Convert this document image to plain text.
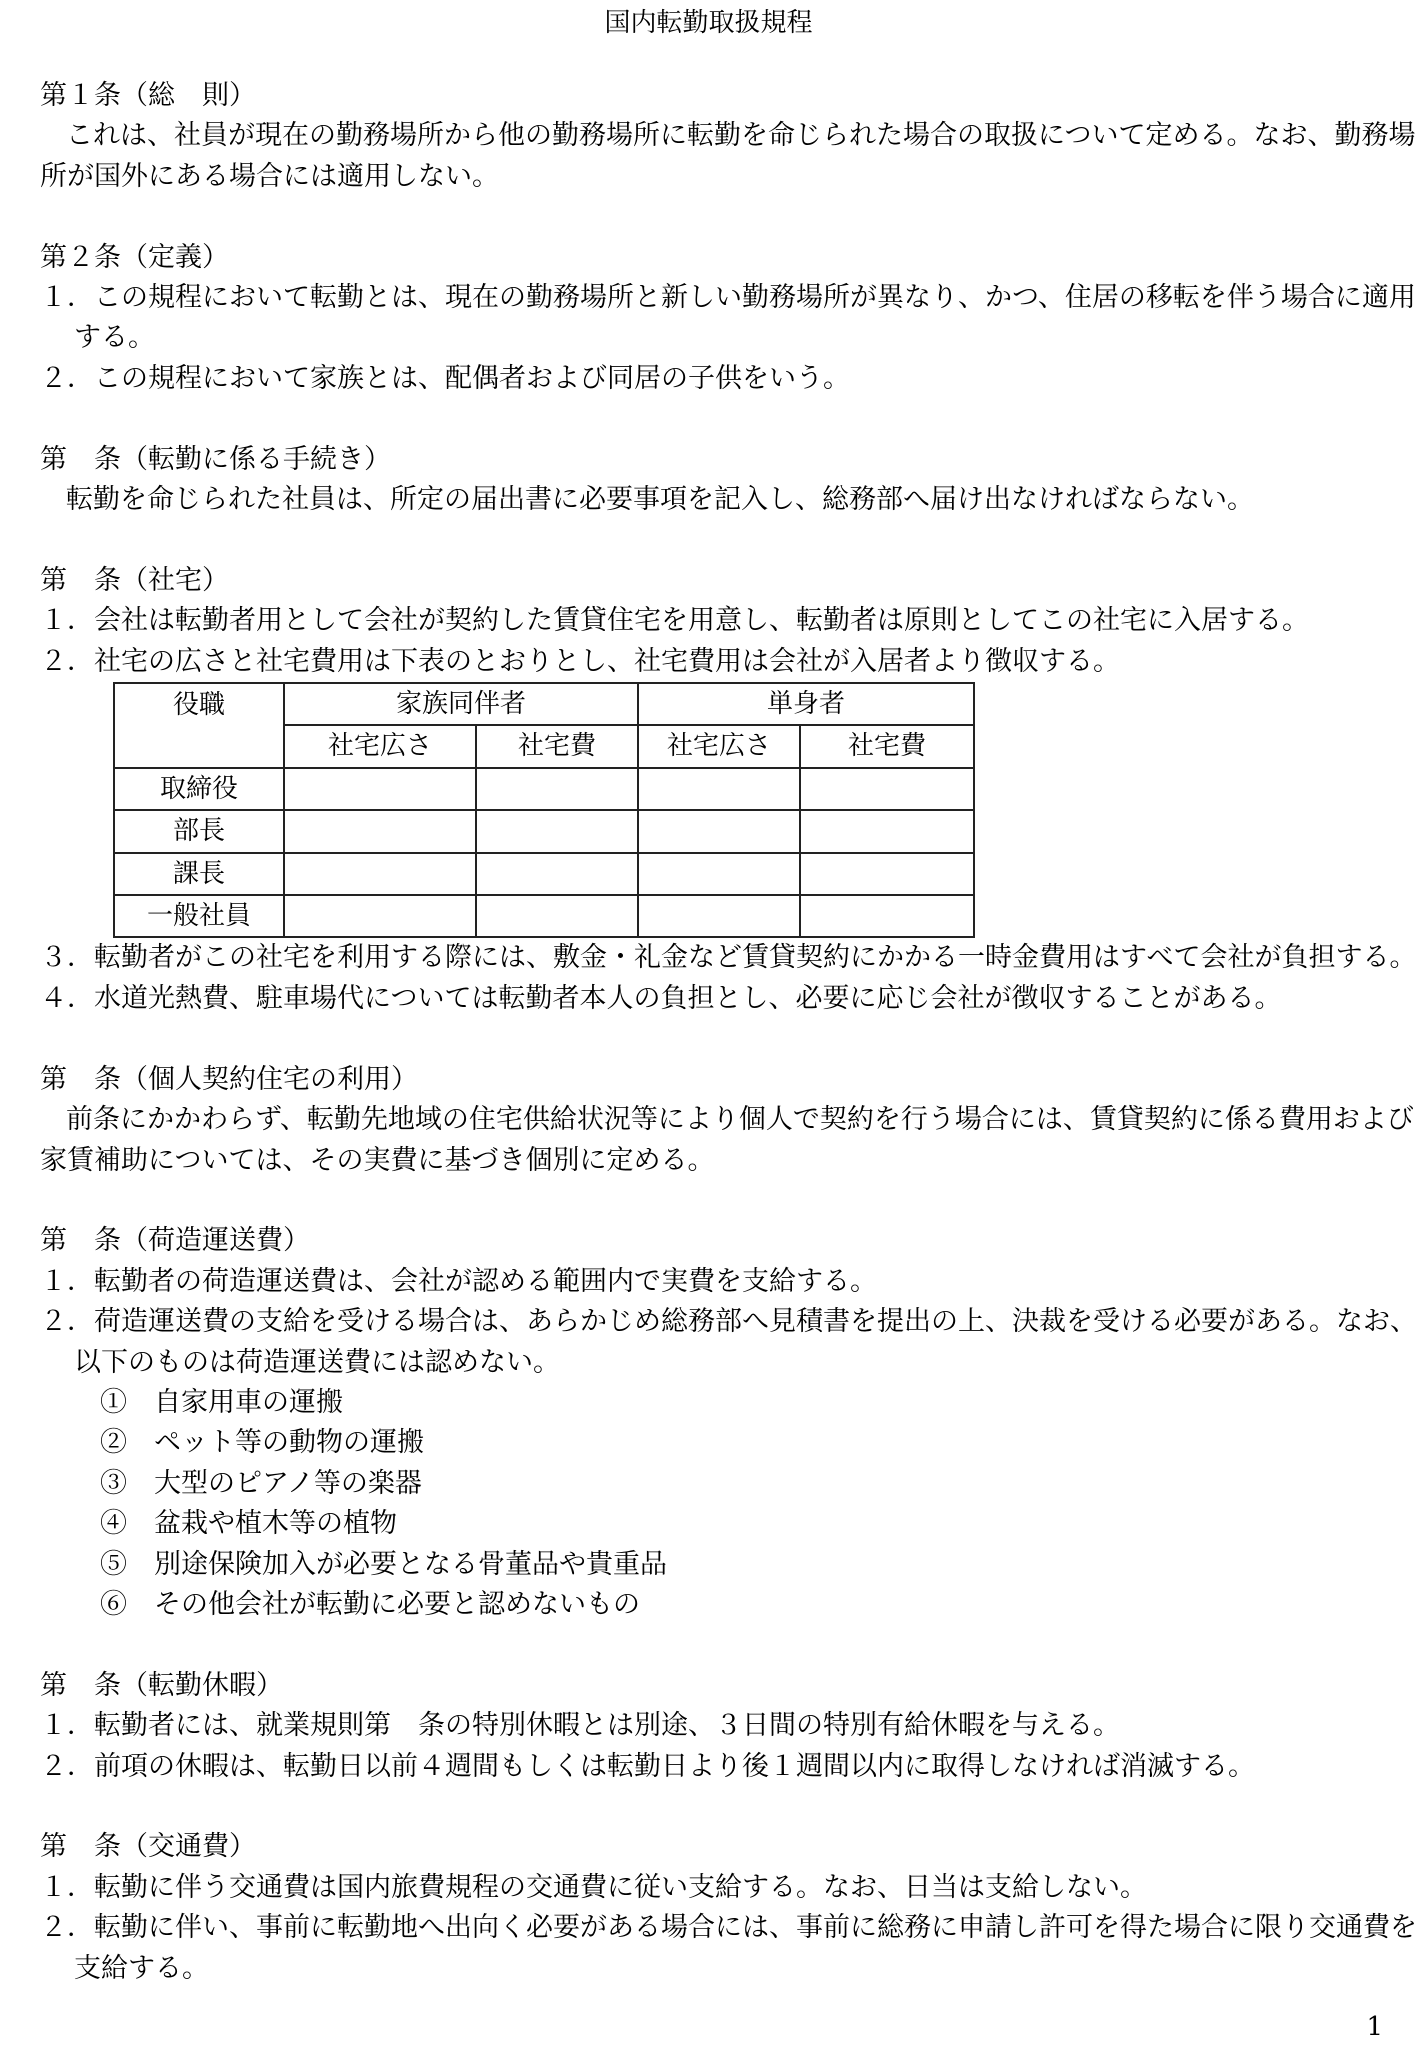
国内転勤取扱規程
第１条（総　則）
これは、社員が現在の勤務場所から他の勤務場所に転勤を命じられた場合の取扱について定める。なお、勤務場所が国外にある場合には適用しない。
第２条（定義）
１．この規程において転勤とは、現在の勤務場所と新しい勤務場所が異なり、かつ、住居の移転を伴う場合に適用する。
２．この規程において家族とは、配偶者および同居の子供をいう。
第　条（転勤に係る手続き）
転勤を命じられた社員は、所定の届出書に必要事項を記入し、総務部へ届け出なければならない。
第　条（社宅）
１．会社は転勤者用として会社が契約した賃貸住宅を用意し、転勤者は原則としてこの社宅に入居する。
２．社宅の広さと社宅費用は下表のとおりとし、社宅費用は会社が入居者より徴収する。
役職	家族同伴者		単身者	
	社宅広さ	社宅費	社宅広さ	社宅費
取締役				
部長				
課長				
一般社員				
３．転勤者がこの社宅を利用する際には、敷金・礼金など賃貸契約にかかる一時金費用はすべて会社が負担する。
４．水道光熱費、駐車場代については転勤者本人の負担とし、必要に応じ会社が徴収することがある。
第　条（個人契約住宅の利用）
前条にかかわらず、転勤先地域の住宅供給状況等により個人で契約を行う場合には、賃貸契約に係る費用および家賃補助については、その実費に基づき個別に定める。
第　条（荷造運送費）
１．転勤者の荷造運送費は、会社が認める範囲内で実費を支給する。
２．荷造運送費の支給を受ける場合は、あらかじめ総務部へ見積書を提出の上、決裁を受ける必要がある。なお、以下のものは荷造運送費には認めない。
①　自家用車の運搬
②　ペット等の動物の運搬
③　大型のピアノ等の楽器
④　盆栽や植木等の植物
⑤　別途保険加入が必要となる骨董品や貴重品
⑥　その他会社が転勤に必要と認めないもの
第　条（転勤休暇）
１．転勤者には、就業規則第　条の特別休暇とは別途、３日間の特別有給休暇を与える。
２．前項の休暇は、転勤日以前４週間もしくは転勤日より後１週間以内に取得しなければ消滅する。
第　条（交通費）
１．転勤に伴う交通費は国内旅費規程の交通費に従い支給する。なお、日当は支給しない。
２．転勤に伴い、事前に転勤地へ出向く必要がある場合には、事前に総務に申請し許可を得た場合に限り交通費を支給する。
1
